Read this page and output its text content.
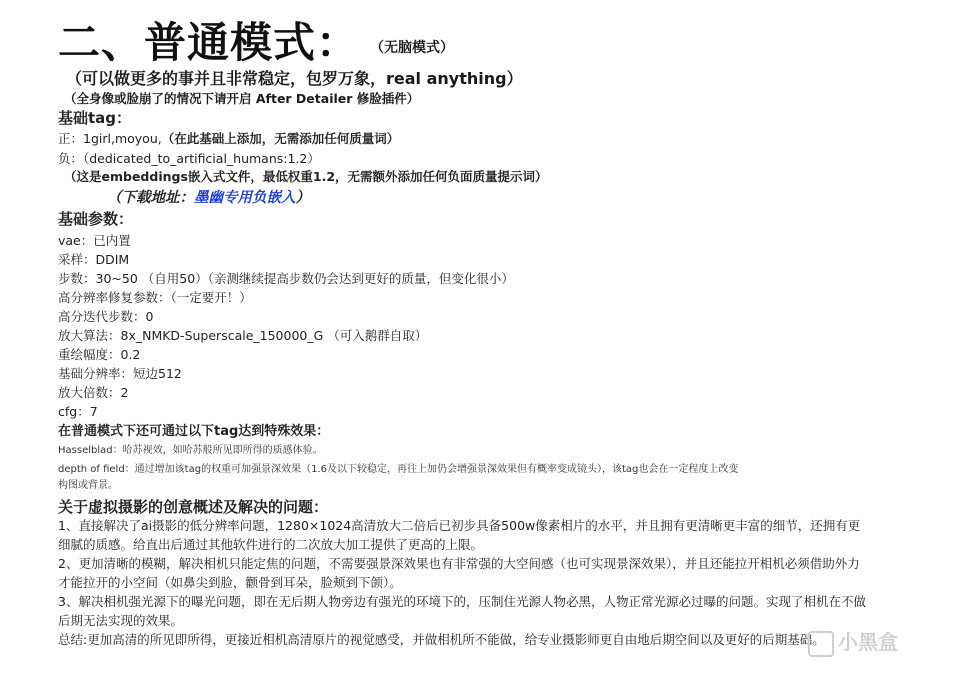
二、普通模式： （无脑模式）
（可以做更多的事并且非常稳定，包罗万象，real anything）
（全身像或脸崩了的情况下请开启 After Detailer 修脸插件）
基础tag：
正：1girl,moyou,（在此基础上添加，无需添加任何质量词）
负：（dedicated_to_artificial_humans:1.2）
（这是embeddings嵌入式文件，最低权重1.2，无需额外添加任何负面质量提示词）
（下载地址：墨幽专用负嵌入）
基础参数：
vae：已内置
采样：DDIM
步数：30~50 （自用50）（亲测继续提高步数仍会达到更好的质量，但变化很小）
高分辨率修复参数：（一定要开！）
高分迭代步数：0
放大算法：8x_NMKD-Superscale_150000_G （可入鹅群自取）
重绘幅度：0.2
基础分辨率：短边512
放大倍数：2
cfg：7
在普通模式下还可通过以下tag达到特殊效果：
Hasselblad：哈苏视效，如哈苏般所见即所得的质感体验。
depth of field：通过增加该tag的权重可加强景深效果（1.6及以下较稳定，再往上加仍会增强景深效果但有概率变成镜头），该tag也会在一定程度上改变
构图或背景。
关于虚拟摄影的创意概述及解决的问题：
1、直接解决了ai摄影的低分辨率问题，1280×1024高清放大二倍后已初步具备500w像素相片的水平，并且拥有更清晰更丰富的细节，还拥有更细腻的质感。给直出后通过其他软件进行的二次放大加工提供了更高的上限。
2、更加清晰的模糊，解决相机只能定焦的问题，不需要强景深效果也有非常强的大空间感（也可实现景深效果），并且还能拉开相机必须借助外力才能拉开的小空间（如鼻尖到脸，颧骨到耳朵，脸颊到下颌）。
3、解决相机强光源下的曝光问题，即在无后期人物旁边有强光的环境下的，压制住光源人物必黑，人物正常光源必过曝的问题。实现了相机在不做后期无法实现的效果。
总结:更加高清的所见即所得，更接近相机高清原片的视觉感受，并做相机所不能做，给专业摄影师更自由地后期空间以及更好的后期基础。 小黑盒
